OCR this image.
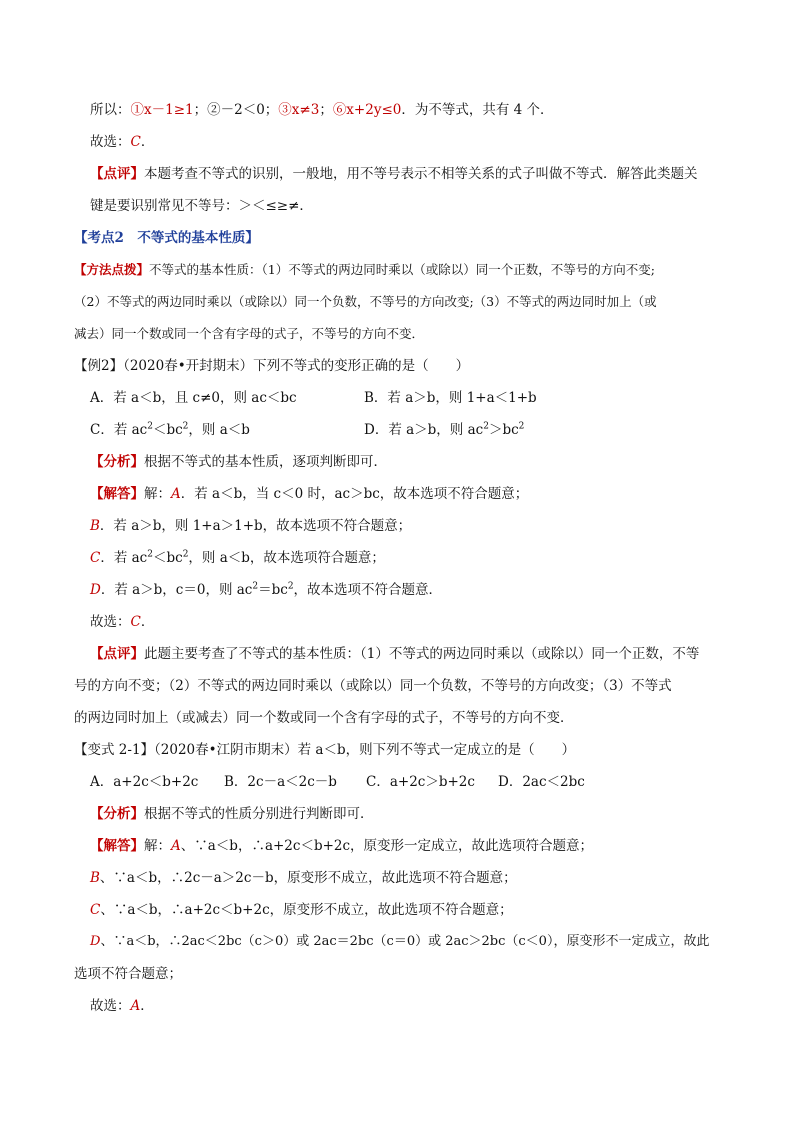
所以：①x－1≥1；②－2＜0；③x≠3；⑥x+2y≤0．为不等式，共有 4 个．
故选：C．
【点评】本题考查不等式的识别，一般地，用不等号表示不相等关系的式子叫做不等式．解答此类题关
键是要识别常见不等号：＞＜≤≥≠．
【考点2　不等式的基本性质】
【方法点拨】不等式的基本性质：（1）不等式的两边同时乘以（或除以）同一个正数，不等号的方向不变;
（2）不等式的两边同时乘以（或除以）同一个负数，不等号的方向改变;（3）不等式的两边同时加上（或
减去）同一个数或同一个含有字母的式子，不等号的方向不变．
【例2】（2020春•开封期末）下列不等式的变形正确的是（　　）
A．若 a＜b，且 c≠0，则 ac＜bc	B．若 a＞b，则 1+a＜1+b
C．若 $ac^2<bc^2$，则 a＜b	D．若 a＞b，则 $ac^2>bc^2$
【分析】根据不等式的基本性质，逐项判断即可．
【解答】解：A．若 a＜b，当 c＜0 时，ac＞bc，故本选项不符合题意；
B．若 a＞b，则 1+a＞1+b，故本选项不符合题意；
C．若 $ac^2<bc^2$，则 a＜b，故本选项符合题意；
D．若 a＞b，c＝0，则 $ac^2=bc^2$，故本选项不符合题意．
故选：C．
【点评】此题主要考查了不等式的基本性质：（1）不等式的两边同时乘以（或除以）同一个正数，不等
号的方向不变；（2）不等式的两边同时乘以（或除以）同一个负数，不等号的方向改变；（3）不等式
的两边同时加上（或减去）同一个数或同一个含有字母的式子，不等号的方向不变．
【变式 2-1】（2020春•江阴市期末）若 a＜b，则下列不等式一定成立的是（　　）
A．a+2c＜b+2c B．2c－a＜2c－b C．a+2c＞b+2c D．2ac＜2bc
【分析】根据不等式的性质分别进行判断即可．
【解答】解：A、∵a＜b，∴a+2c＜b+2c，原变形一定成立，故此选项符合题意；
B、∵a＜b，∴2c－a＞2c－b，原变形不成立，故此选项不符合题意；
C、∵a＜b，∴a+2c＜b+2c，原变形不成立，故此选项不符合题意；
D、∵a＜b，∴2ac＜2bc（c＞0）或 2ac＝2bc（c＝0）或 2ac＞2bc（c＜0），原变形不一定成立，故此
选项不符合题意；
故选：A．
